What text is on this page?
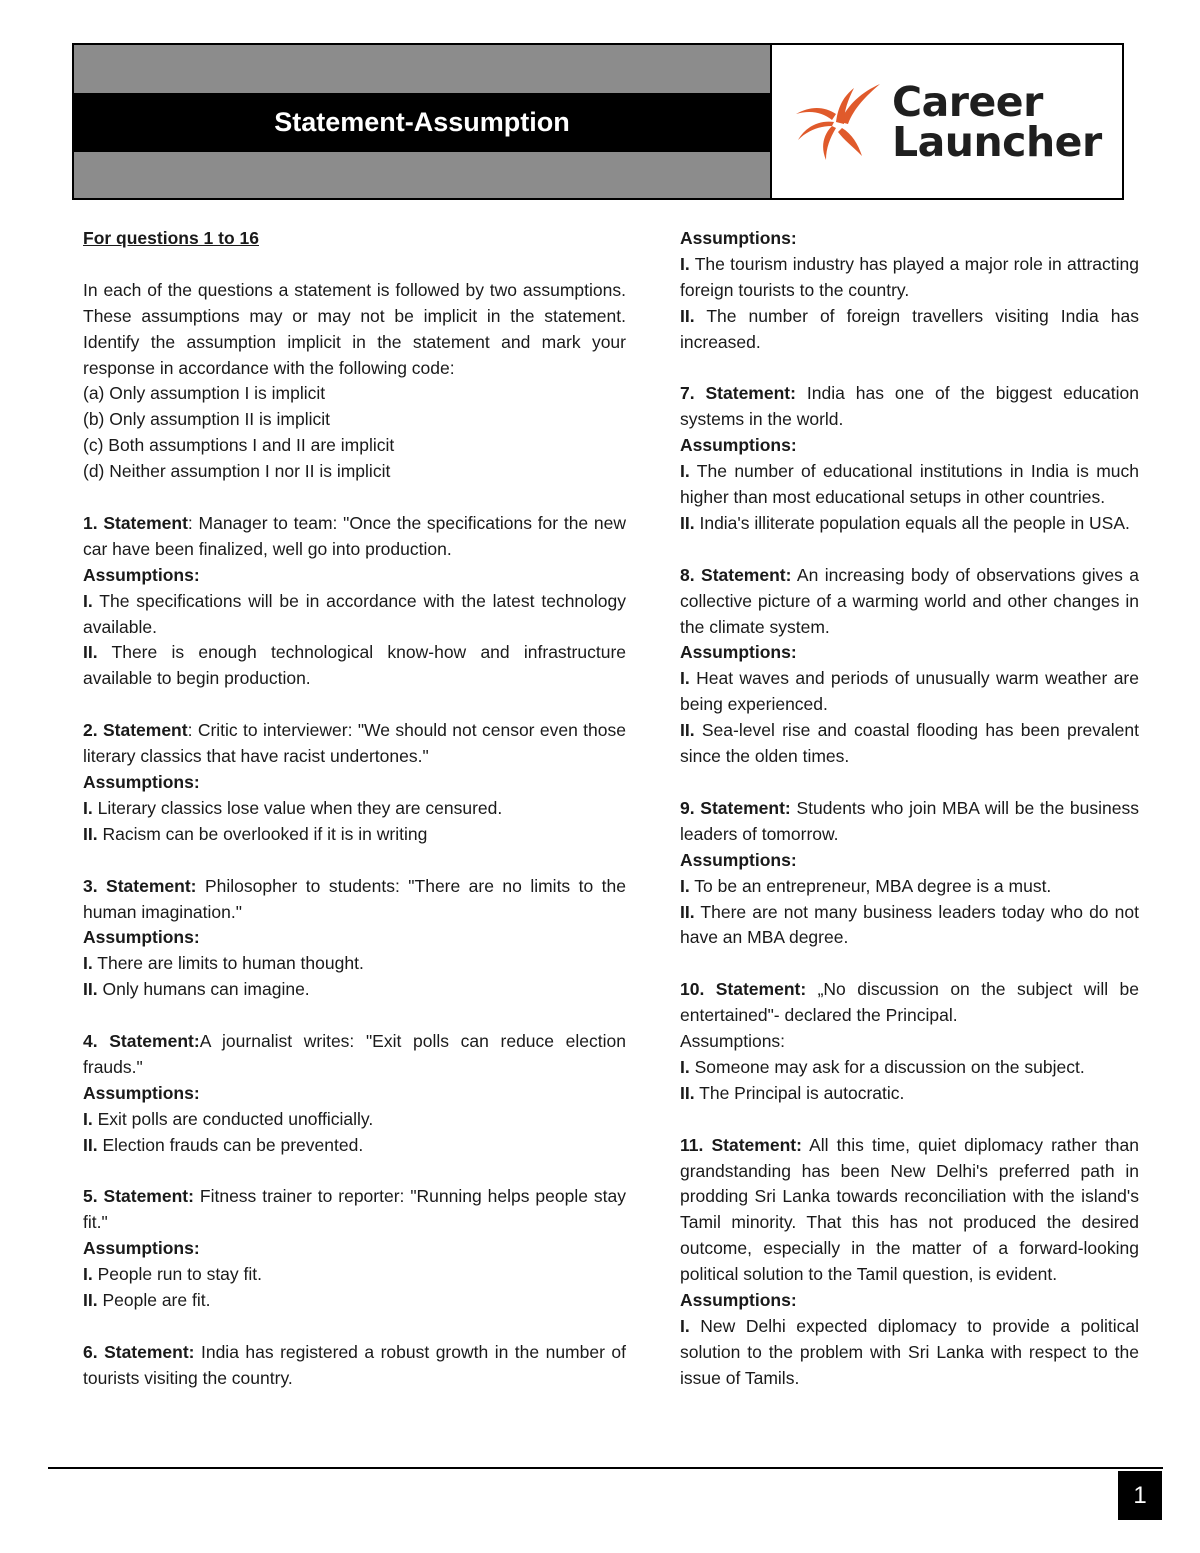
Statement-Assumption	Career
Launcher

For questions 1 to 16

In each of the questions a statement is followed by two assumptions. These assumptions may or may not be implicit in the statement. Identify the assumption implicit in the statement and mark your response in accordance with the following code:

(a) Only assumption I is implicit

(b) Only assumption II is implicit

(c) Both assumptions I and II are implicit

(d) Neither assumption I nor II is implicit

1. Statement: Manager to team: "Once the specifications for the new car have been finalized, well go into production.

Assumptions:

I. The specifications will be in accordance with the latest technology available.

II. There is enough technological know-how and infrastructure available to begin production.

2. Statement: Critic to interviewer: "We should not censor even those literary classics that have racist undertones."

Assumptions:

I. Literary classics lose value when they are censured.

II. Racism can be overlooked if it is in writing

3. Statement: Philosopher to students: "There are no limits to the human imagination."

Assumptions:

I. There are limits to human thought.

II. Only humans can imagine.

4. Statement:A journalist writes: "Exit polls can reduce election frauds."

Assumptions:

I. Exit polls are conducted unofficially.

II. Election frauds can be prevented.

5. Statement: Fitness trainer to reporter: "Running helps people stay fit."

Assumptions:

I. People run to stay fit.

II. People are fit.

6. Statement: India has registered a robust growth in the number of tourists visiting the country.

Assumptions:

I. The tourism industry has played a major role in attracting foreign tourists to the country.

II. The number of foreign travellers visiting India has increased.

7. Statement: India has one of the biggest education systems in the world.

Assumptions:

I. The number of educational institutions in India is much higher than most educational setups in other countries.

II. India's illiterate population equals all the people in USA.

8. Statement: An increasing body of observations gives a collective picture of a warming world and other changes in the climate system.

Assumptions:

I. Heat waves and periods of unusually warm weather are being experienced.

II. Sea-level rise and coastal flooding has been prevalent since the olden times.

9. Statement: Students who join MBA will be the business leaders of tomorrow.

Assumptions:

I. To be an entrepreneur, MBA degree is a must.

II. There are not many business leaders today who do not have an MBA degree.

10. Statement: „No discussion on the subject will be entertained"- declared the Principal.

Assumptions:

I. Someone may ask for a discussion on the subject.

II. The Principal is autocratic.

11. Statement: All this time, quiet diplomacy rather than grandstanding has been New Delhi's preferred path in prodding Sri Lanka towards reconciliation with the island's Tamil minority. That this has not produced the desired outcome, especially in the matter of a forward-looking political solution to the Tamil question, is evident.

Assumptions:

I. New Delhi expected diplomacy to provide a political solution to the problem with Sri Lanka with respect to the issue of Tamils.

1
